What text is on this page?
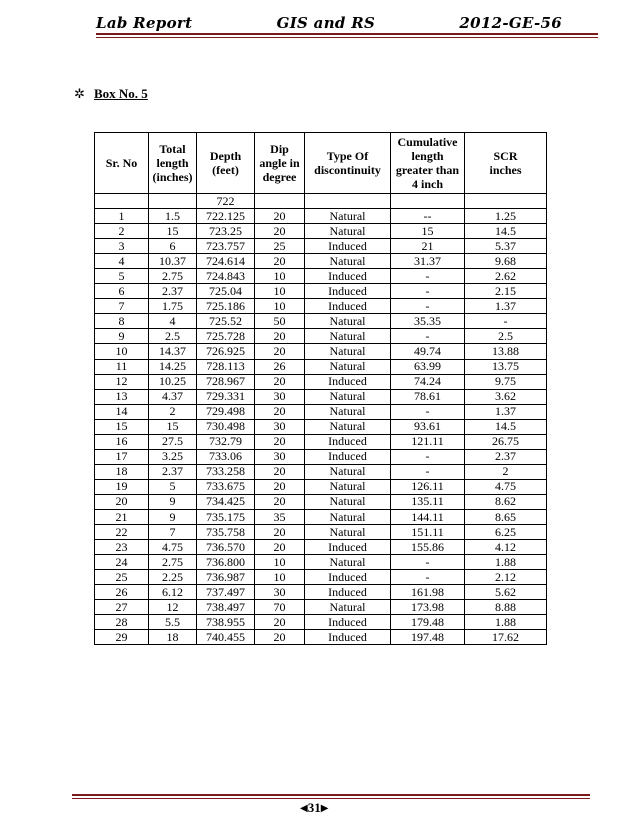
Lab Report	GIS and RS	2012-GE-56
✲ Box No. 5
Sr. No	Total
length
(inches)	Depth
(feet)	Dip
angle in
degree	Type Of
discontinuity	Cumulative
length
greater than
4 inch	SCR
inches
		722				
1	1.5	722.125	20	Natural	--	1.25
2	15	723.25	20	Natural	15	14.5
3	6	723.757	25	Induced	21	5.37
4	10.37	724.614	20	Natural	31.37	9.68
5	2.75	724.843	10	Induced	-	2.62
6	2.37	725.04	10	Induced	-	2.15
7	1.75	725.186	10	Induced	-	1.37
8	4	725.52	50	Natural	35.35	-
9	2.5	725.728	20	Natural	-	2.5
10	14.37	726.925	20	Natural	49.74	13.88
11	14.25	728.113	26	Natural	63.99	13.75
12	10.25	728.967	20	Induced	74.24	9.75
13	4.37	729.331	30	Natural	78.61	3.62
14	2	729.498	20	Natural	-	1.37
15	15	730.498	30	Natural	93.61	14.5
16	27.5	732.79	20	Induced	121.11	26.75
17	3.25	733.06	30	Induced	-	2.37
18	2.37	733.258	20	Natural	-	2
19	5	733.675	20	Natural	126.11	4.75
20	9	734.425	20	Natural	135.11	8.62
21	9	735.175	35	Natural	144.11	8.65
22	7	735.758	20	Natural	151.11	6.25
23	4.75	736.570	20	Induced	155.86	4.12
24	2.75	736.800	10	Natural	-	1.88
25	2.25	736.987	10	Induced	-	2.12
26	6.12	737.497	30	Induced	161.98	5.62
27	12	738.497	70	Natural	173.98	8.88
28	5.5	738.955	20	Induced	179.48	1.88
29	18	740.455	20	Induced	197.48	17.62
◀ 31 ▶
